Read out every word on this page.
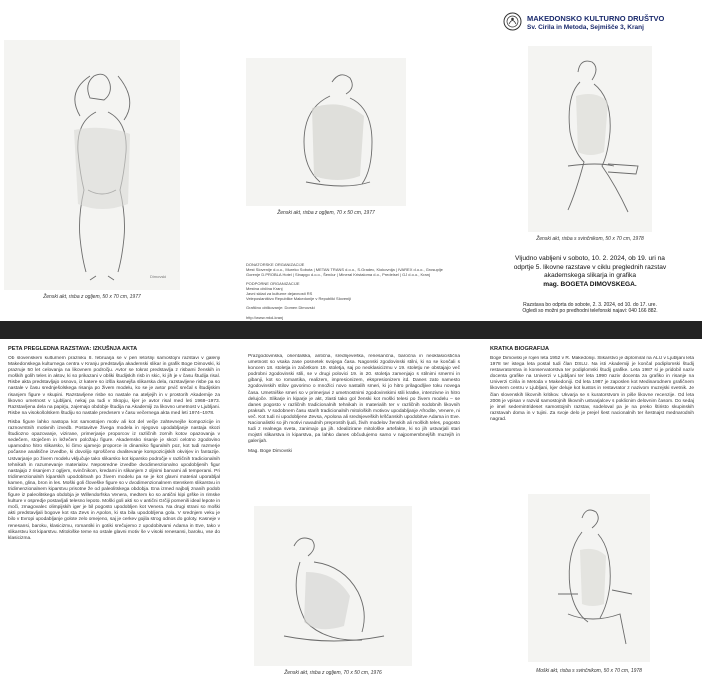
Dimovski
Ženski akt, risba z ogljem, 50 x 70 cm, 1977
Ženski akt, risba z ogljem, 70 x 50 cm, 1977
DONATORSKE ORGANIZACIJE
Mest Slovenije d.o.o., Mureko Sobota | METAN TRANS d.o.o., S.Gradec, Kiokovnija | IVAREX d.o.o., Grosuplje
Gorenje D.PROBLA Hotel | Sinapgo d.o.o., Šenčur | Mineral Kristaloma d.o., Predelsel | GJ d.o.o., Kranj
PODPORNE ORGANIZACIJE
Mestna občina Kranj
Javni sklad za kulturne dejavnosti RS
Veleposlaništvo Republike Makedonije v Republiki Sloveniji
Grafično oblikovanje: Domen Dimovski
http://www.mkd-kranj
MAKEDONSKO KULTURNO DRUŠTVO
Sv. Cirila in Metoda, Sejmišče 3, Kranj
Ženski akt, risba s svinčnikom, 50 x 70 cm, 1978
Vljudno vabljeni v soboto, 10. 2. 2024, ob 19. uri na
odprtje 5. likovne razstave v ciklu preglednih razstav
akademskega slikarja in grafika
mag. BOGETA DIMOVSKEGA.
Razstava bo odprta do sobote, 2. 3. 2024, od 10. do 17. ure.
Ogledi so možni po predhodni telefonski najavi: 040 166 882.
PETA PREGLEDNA RAZSTAVA: IZKUŠNJA AKTA

Ob slovenskem kulturnem prazniku 8. februarja se v peri letošnji samostojni razstavi v galeriji Makedonskega kulturnega centra v Kranju predstavlja akademski slikar in grafik Boge Dimovski, ki prazruje 50 let celovanja na likovnem področju. Avtor se tokrat predstavlja z risbami ženskih in moških golih teles in aktov, ki so prikazani v obliki študijskih risb in skic, ki jih je v času študija risal. Risbe akta predstavljajo osnovo, iz katere so izšla kasnejša slikarska dela, razstavljene risbe pa so nastale v času srednješolskega risanja po živem modelu, ko se je avtor prvič srečal s študijskim risanjem figure v skupini. Razstavljene risbe so nastale na ateljejih in v prostorih Akademije za likovno umetnost v Ljubljani, nekaj pa tudi v Skopju, kjer je avtor risal med leti 1968–1973. Razstavljena dela na papirju, zajemajo obdobje študija na Akademiji za likovno umetnost v Ljubljani. Risbe na visokošolskem študiju so nastale predvsem v času večernega akta med leti 1974–1978.

Risba figure lahko nastopa kot samostojen motiv ali kot del večje zahtevnejše kompozicije in raznovrstnih motivnih izvedb. Postavitve živega modela in njegovo upodabljanje nastaja skozi študiozno opazovanje, vizirane, primerjanje proporcov iz različnih zornih kotov opazovanja v sedečem, stoječem in ležečem položaju figure. Akademsko risanje je skozi celotno zgodovino upamodno hitro slikarsko, ki čimo ujamejo proporce in dinamiko figuralnih poz, kot tudi razmerje počasne analitične izvedbe, ki dovolijo sproščeno dvalitevanje kompozicijskih okvirjev in fantazije. Ustvarjanje po živem modelu vključuje tako slikarsko kot kiparsko področje v različnih tradicionalnih tehnikah in razumevanje materialov. Neposredne izvedbe dvodimenzionalno upodobljenih figur nastajajo z risanjem z ogljem, svinčnikom, kredami in slikanjem z oljnimi barvami ali temperami. Pri tridimenzionalnih kiparskih upodobitvah po živem modelu pa se je kot glavni material uporabljal kamen, glina, bron in les. Moški goli človeške figure so v dvodimenzionalnem stenskem slikarstvu in tridimenzionalnem kiparstvu prisotne že od paleolitskega obdobja. Ena izmed najbolj znanih podob figure iz paleolitskega obdobja je Willendorfska Venera, medtem ko so antični kipi grške in rimske kulture v ospredje postavljali telesno lepoto. Moški goli akti so v antični Grčiji pomenili ideal lepote in moči, zmagovalec olimpijskih iger je bil pogosto upodobljen kot Venera. Na drugi strani so moški akti predstavljali bogove kot sta Zevs in Apolon, ki sta bila upodobljena gola. V srednjem veku je bilo v Evropi upodabljanje golote zelo omejeno, saj je cerkev gojila strog odnos do goloty. Kasneje v renesansi, baroku, klasicizmu, romantiki in gotiki srečujemo z upodobitvami Adama in Eve, tako v slikarstvu kot kiparstvu. Mitološke teme so ostale glavni motiv še v visoki renesansi, baroku, vse do klasicizma.

Prazgodovinska, orientalska, antična, srednjeveška, renesančna, baročna in neoklasicistična umetnost so vsaka zase posnetek svojega časa. Nagonski zgodovinski stilni, ki so se končali s koncem 18. stoletja in začetkom 19. stoletja, saj po neoklasicizmu v 19. stoletju ne obstajajo več podrobni zgodovinski stili, se v drugi polovici 19. in 20. stoletja zamenjajo s stilnimi smermi in gibanji, kot so romantika, realizem, impresionizem, ekspresionizem itd. Danes zato namesto zgodovinskih stilov govorimo o množici novo nastalih smeri, ki jo hitro prilagodljive toku novega časa. Umetniške smeri so v primerjavi z umetnostnimi zgodovinskimi stili kratke, intenzivne in hitro delujoče. Slikarje in kiparje je akt, zlasti tako gol ženski kot moški telesi po živem modelu – se danes pogosto v različnih tradicionalnih tehnikah in materialih ter v različnih sodobnih likovnih praksah. V sodobnem času starih tradicionalnih mitoloških motivov upodabljanje Afrodite, Venere, ni več. Kot tudi ni upodobljene Zevsa, Apolona ali srednjeveških krščanskih upodobitve Adama in Eve. Nacionalistki so jih motivi navadnih preprostih ljudi, živih modelov ženskih ali moških teles, pogosto tudi z realnega sveta, zanimajo ga jih. Idealizirane mitološke artefakte, ki so jih ustvarjali stari mojstri slikarstva in kiparstva, pa lahko danes občudujemo samo v najpomembnejših muzejih in galerijah.

Mag. Boge Dimovski

Ženski akt, risba z ogljem, 70 x 50 cm, 1976
KRATKA BIOGRAFIJA

Boge Dimovski je rojen leta 1952 v R. Makedoniji. Slikarstvo je diplomiral na ALU v Ljubljani leta 1978 ter istega leta postal tudi član DSLU. Na isti Akademiji je končal podiplomski študij restavratorstva in konservatorstva ter podiplomski študij grafike. Leta 1987 si je pridobil naziv docenta grafike na Univerzi v Ljubljani ter leta 1990 naziv docenta za grafiko in risanje na Univerzi Cirila in Metoda v Makedoniji. Od leta 1987 je zaposlen kot Medinarodnem grafičnem likovnem centru v Ljubljani, kjer deluje kot kustos in restavrator z nazivom muzejski svetnik. Je član slovenskih likovnih kritikov. Ukvarja se s kuratorstvom in piše likovne recenzije. Od leta 2006 je vpisan v razvid samostojnih likovnih ustvarjalcev s poklicnim delovnim časom. Do sedaj je imel sedemintrideset samostojnih razstav, sodeloval pa je na preko štiristo skupinskih razstavah doma in v tujini. Za svoje delo je prejel šest nacionalnih ter šestnajst mednarodnih nagrad.

Moški akt, risba s svinčnikom, 50 x 70 cm, 1978
